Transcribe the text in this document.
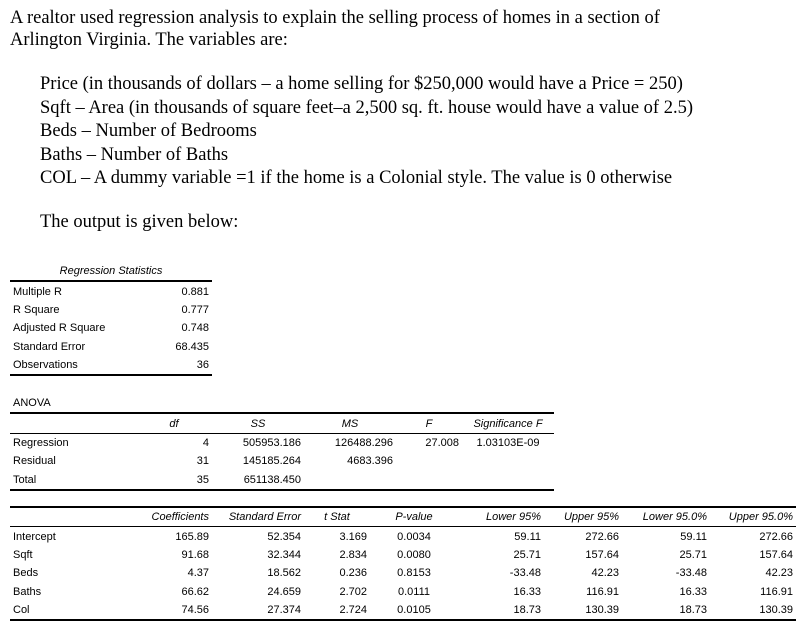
A realtor used regression analysis to explain the selling process of homes in a section of
Arlington Virginia. The variables are:
Price (in thousands of dollars – a home selling for $250,000 would have a Price = 250)
Sqft – Area (in thousands of square feet–a 2,500 sq. ft. house would have a value of 2.5)
Beds – Number of Bedrooms
Baths – Number of Baths
COL – A dummy variable =1 if the home is a Colonial style. The value is 0 otherwise
The output is given below:
Regression Statistics	
Multiple R	0.881
R Square	0.777
Adjusted R Square	0.748
Standard Error	68.435
Observations	36
ANOVA					
	df	SS	MS	F	Significance F
Regression	4	505953.186	126488.296	27.008	1.03103E-09
Residual	31	145185.264	4683.396		
Total	35	651138.450			
	Coefficients	Standard Error	t Stat	P-value	Lower 95%	Upper 95%	Lower 95.0%	Upper 95.0%
Intercept	165.89	52.354	3.169	0.0034	59.11	272.66	59.11	272.66
Sqft	91.68	32.344	2.834	0.0080	25.71	157.64	25.71	157.64
Beds	4.37	18.562	0.236	0.8153	-33.48	42.23	-33.48	42.23
Baths	66.62	24.659	2.702	0.0111	16.33	116.91	16.33	116.91
Col	74.56	27.374	2.724	0.0105	18.73	130.39	18.73	130.39
